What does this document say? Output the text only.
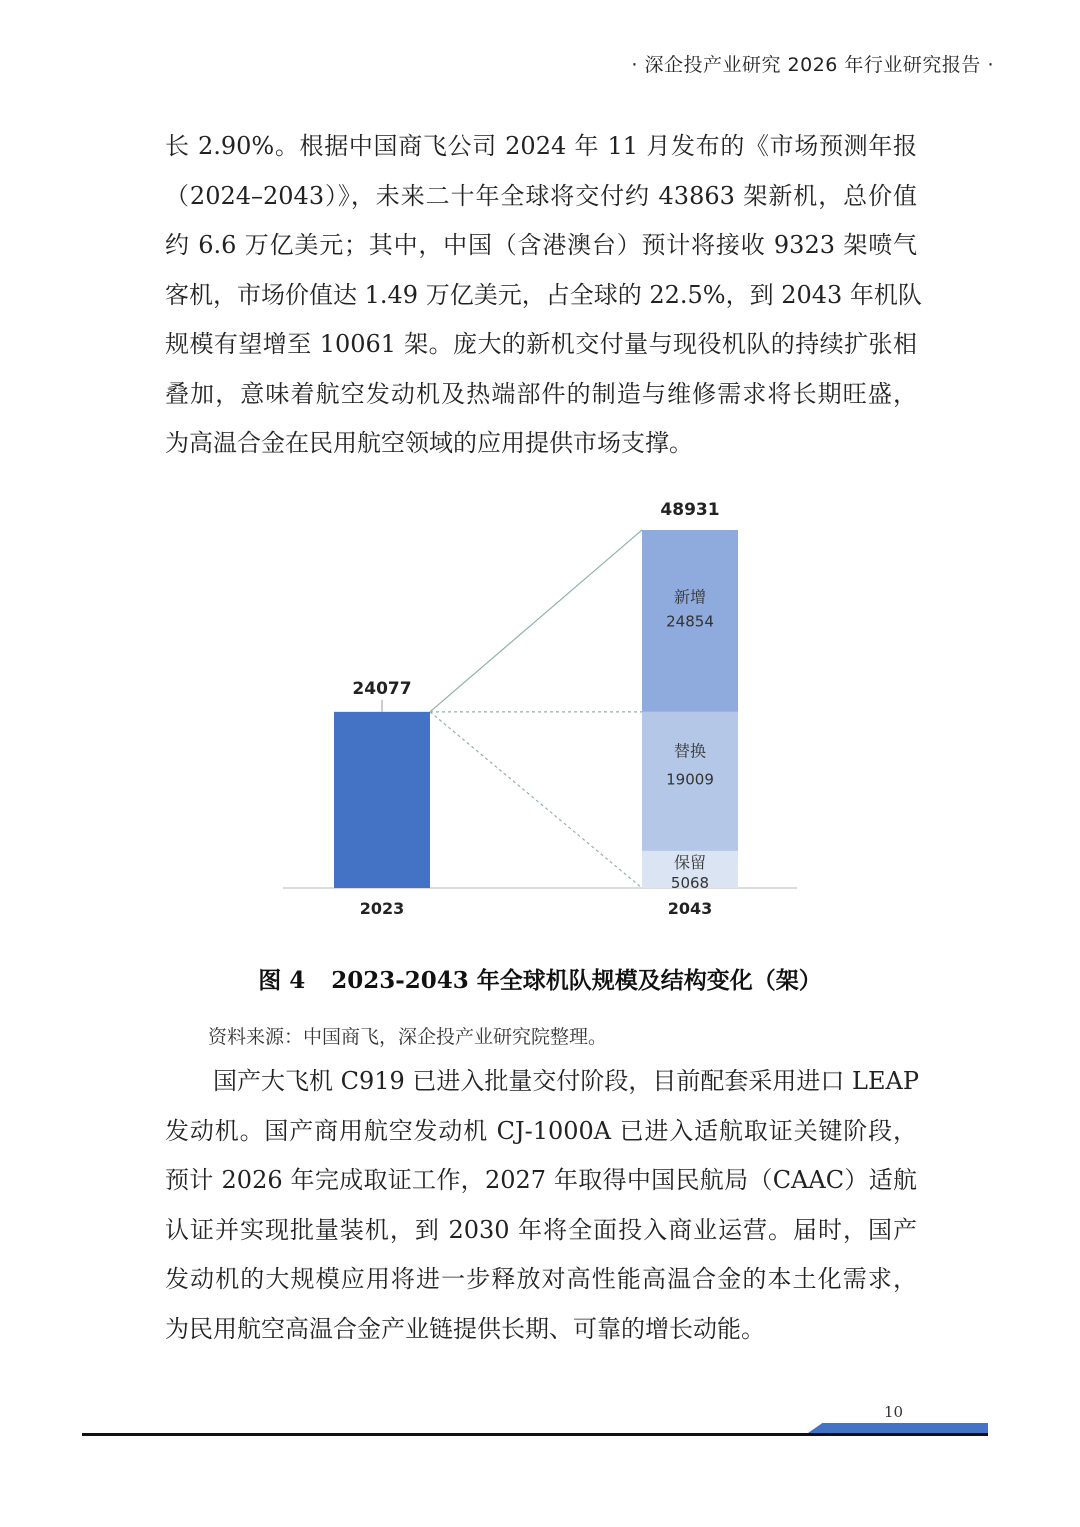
· 深企投产业研究 2026 年行业研究报告 ·
长 2.90%。根据中国商飞公司 2024 年 11 月发布的《市场预测年报
（2024–2043）》，未来二十年全球将交付约 43863 架新机，总价值
约 6.6 万亿美元；其中，中国（含港澳台）预计将接收 9323 架喷气
客机，市场价值达 1.49 万亿美元，占全球的 22.5%，到 2043 年机队
规模有望增至 10061 架。庞大的新机交付量与现役机队的持续扩张相
叠加，意味着航空发动机及热端部件的制造与维修需求将长期旺盛，
为高温合金在民用航空领域的应用提供市场支撑。
24077
48931
新增
24854
替换
19009
保留
5068
2023	2043
图 4 2023-2043 年全球机队规模及结构变化（架）
资料来源：中国商飞，深企投产业研究院整理。
　　国产大飞机 C919 已进入批量交付阶段，目前配套采用进口 LEAP
发动机。国产商用航空发动机 CJ-1000A 已进入适航取证关键阶段，
预计 2026 年完成取证工作，2027 年取得中国民航局（CAAC）适航
认证并实现批量装机，到 2030 年将全面投入商业运营。届时，国产
发动机的大规模应用将进一步释放对高性能高温合金的本土化需求，
为民用航空高温合金产业链提供长期、可靠的增长动能。
10
